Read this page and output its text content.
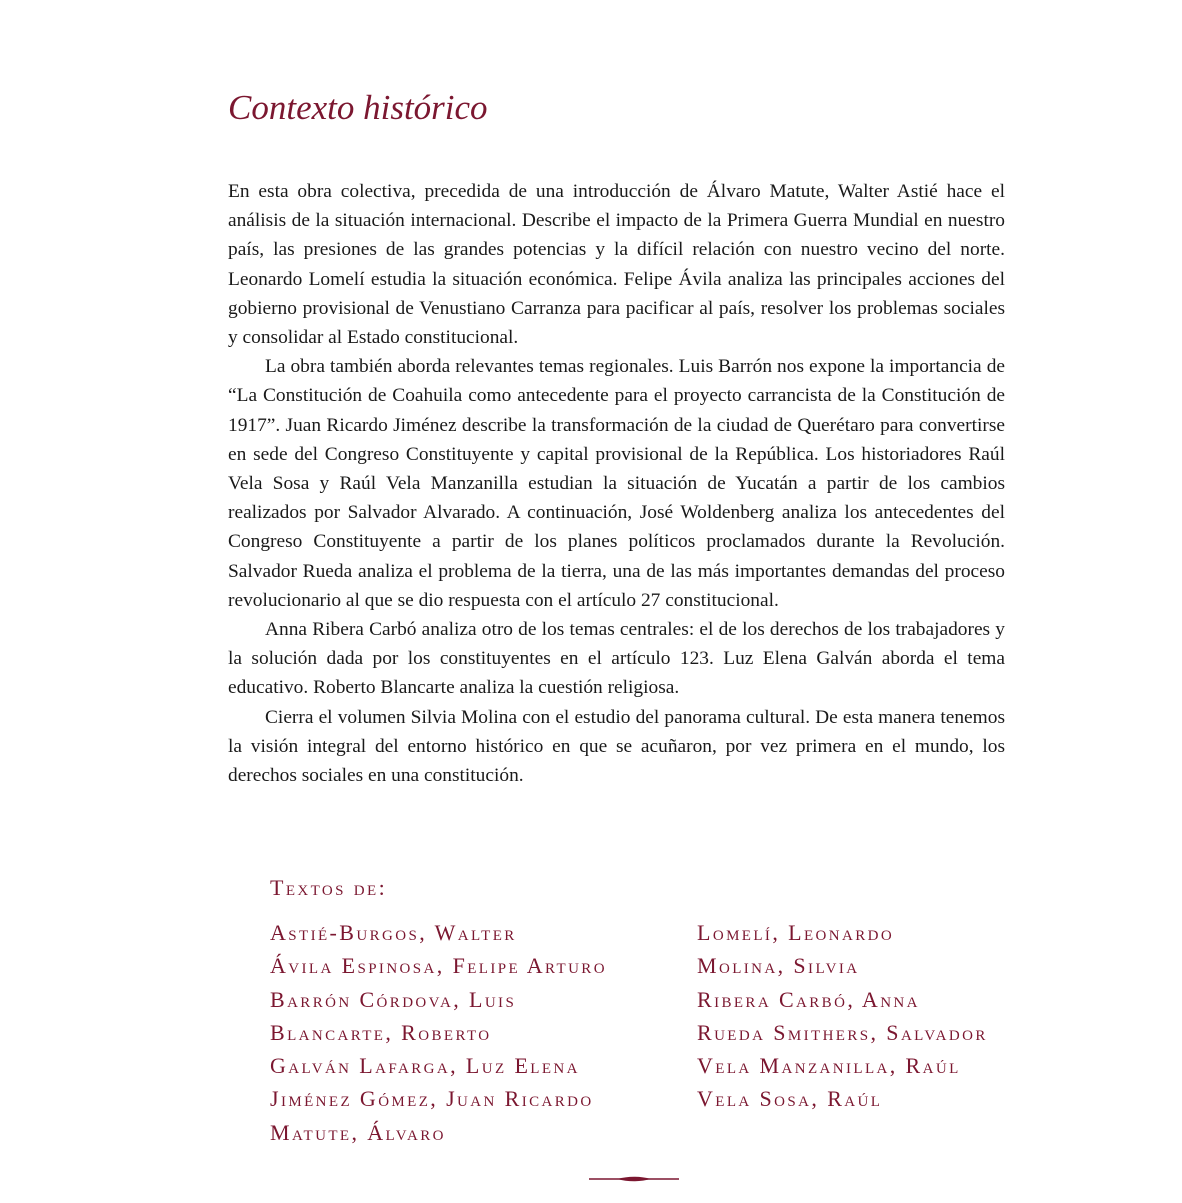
Contexto histórico

En esta obra colectiva, precedida de una introducción de Álvaro Matute, Walter Astié hace el análisis de la situación internacional. Describe el impacto de la Primera Guerra Mundial en nuestro país, las presiones de las grandes potencias y la difícil relación con nuestro vecino del norte. Leonardo Lomelí estudia la situación económica. Felipe Ávila analiza las principales acciones del gobierno provisional de Venustiano Carranza para pacificar al país, resolver los problemas sociales y consolidar al Estado constitucional.

La obra también aborda relevantes temas regionales. Luis Barrón nos expone la importancia de “La Constitución de Coahuila como antecedente para el proyecto carrancista de la Constitución de 1917”. Juan Ricardo Jiménez describe la transformación de la ciudad de Querétaro para convertirse en sede del Congreso Constituyente y capital provisional de la República. Los historiadores Raúl Vela Sosa y Raúl Vela Manzanilla estudian la situación de Yucatán a partir de los cambios realizados por Salvador Alvarado. A continuación, José Woldenberg analiza los antecedentes del Congreso Constituyente a partir de los planes políticos proclamados durante la Revolución. Salvador Rueda analiza el problema de la tierra, una de las más importantes demandas del proceso revolucionario al que se dio respuesta con el artículo 27 constitucional.

Anna Ribera Carbó analiza otro de los temas centrales: el de los derechos de los trabajadores y la solución dada por los constituyentes en el artículo 123. Luz Elena Galván aborda el tema educativo. Roberto Blancarte analiza la cuestión religiosa.

Cierra el volumen Silvia Molina con el estudio del panorama cultural. De esta manera tenemos la visión integral del entorno histórico en que se acuñaron, por vez primera en el mundo, los derechos sociales en una constitución.

Textos de:
Astié-Burgos, Walter
Ávila Espinosa, Felipe Arturo
Barrón Córdova, Luis
Blancarte, Roberto
Galván Lafarga, Luz Elena
Jiménez Gómez, Juan Ricardo
Matute, Álvaro
Lomelí, Leonardo
Molina, Silvia
Ribera Carbó, Anna
Rueda Smithers, Salvador
Vela Manzanilla, Raúl
Vela Sosa, Raúl
